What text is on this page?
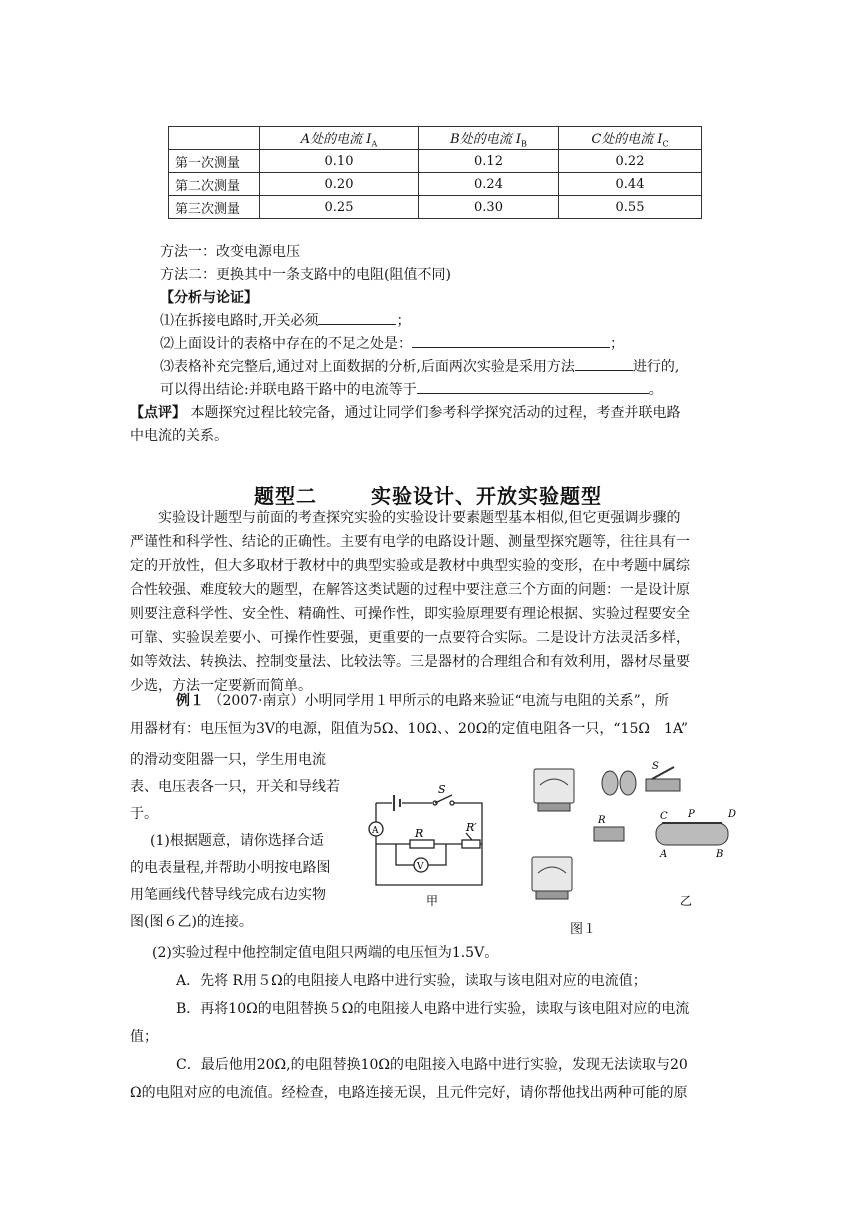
	A处的电流 $I_A$	B处的电流 $I_B$	C处的电流 $I_C$
第一次测量	0.10	0.12	0.22
第二次测量	0.20	0.24	0.44
第三次测量	0.25	0.30	0.55
方法一：改变电源电压
方法二：更换其中一条支路中的电阻(阻值不同)
【分析与论证】
⑴在拆接电路时,开关必须	；
⑵上面设计的表格中存在的不足之处是：	；
⑶表格补充完整后,通过对上面数据的分析,后面两次实验是采用方法	进行的,
可以得出结论:并联电路干路中的电流等于	。
【点评】 本题探究过程比较完备，通过让同学们参考科学探究活动的过程，考查并联电路
中电流的关系。
题型二	实验设计、开放实验题型
实验设计题型与前面的考查探究实验的实验设计要素题型基本相似,但它更强调步骤的
严谨性和科学性、结论的正确性。主要有电学的电路设计题、测量型探究题等，往往具有一
定的开放性，但大多取材于教材中的典型实验或是教材中典型实验的变形，在中考题中属综
合性较强、难度较大的题型，在解答这类试题的过程中要注意三个方面的问题：一是设计原
则要注意科学性、安全性、精确性、可操作性，即实验原理要有理论根据、实验过程要安全
可靠、实验误差要小、可操作性要强，更重要的一点要符合实际。二是设计方法灵活多样，
如等效法、转换法、控制变量法、比较法等。三是器材的合理组合和有效利用，器材尽量要
少选，方法一定要新而简单。
例１ （2007·南京）小明同学用１甲所示的电路来验证“电流与电阻的关系”，所
用器材有：电压恒为3V的电源，阻值为5Ω、10Ω、、20Ω的定值电阻各一只，“15Ω　1A”
的滑动变阻器一只，学生用电流
表、电压表各一只，开关和导线若
于。
(1)根据题意，请你选择合适
的电表量程,并帮助小明按电路图
用笔画线代替导线完成右边实物
图(图６乙)的连接。
S
R	R′
A
V
甲
S
R	C P	D
A	B
乙
图１
(2)实验过程中他控制定值电阻只两端的电压恒为1.5V。
A．先将 R用５Ω的电阻接人电路中进行实验，读取与该电阻对应的电流值；
B．再将10Ω的电阻替换５Ω的电阻接人电路中进行实验，读取与该电阻对应的电流
值；
C．最后他用20Ω,的电阻替换10Ω的电阻接入电路中进行实验，发现无法读取与20
Ω的电阻对应的电流值。经检查，电路连接无误，且元件完好，请你帮他找出两种可能的原
